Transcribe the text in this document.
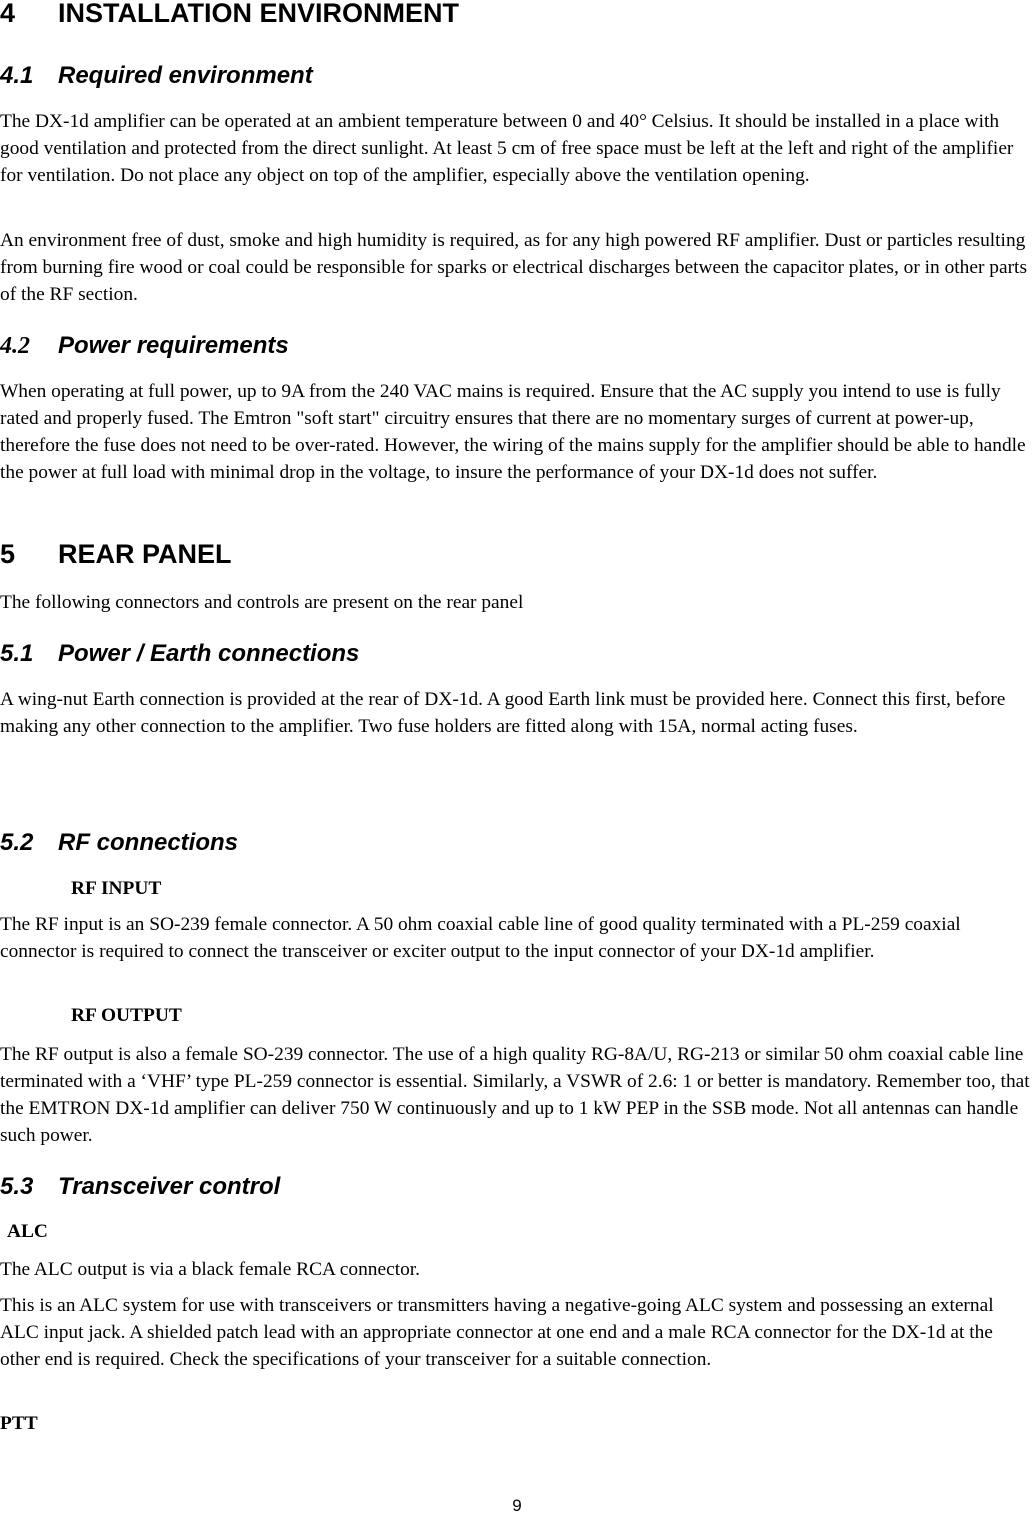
4 INSTALLATION ENVIRONMENT
4.1 Required environment

The DX-1d amplifier can be operated at an ambient temperature between 0 and 40° Celsius. It should be installed in a place with good ventilation and protected from the direct sunlight. At least 5 cm of free space must be left at the left and right of the amplifier for ventilation. Do not place any object on top of the amplifier, especially above the ventilation opening.

An environment free of dust, smoke and high humidity is required, as for any high powered RF amplifier. Dust or particles resulting from burning fire wood or coal could be responsible for sparks or electrical discharges between the capacitor plates, or in other parts of the RF section.

4.2 Power requirements

When operating at full power, up to 9A from the 240 VAC mains is required. Ensure that the AC supply you intend to use is fully rated and properly fused. The Emtron "soft start" circuitry ensures that there are no momentary surges of current at power-up, therefore the fuse does not need to be over-rated. However, the wiring of the mains supply for the amplifier should be able to handle the power at full load with minimal drop in the voltage, to insure the performance of your DX-1d does not suffer.

5 REAR PANEL

The following connectors and controls are present on the rear panel

5.1 Power / Earth connections

A wing-nut Earth connection is provided at the rear of DX-1d. A good Earth link must be provided here. Connect this first, before making any other connection to the amplifier. Two fuse holders are fitted along with 15A, normal acting fuses.

5.2 RF connections

RF INPUT

The RF input is an SO-239 female connector. A 50 ohm coaxial cable line of good quality terminated with a PL-259 coaxial connector is required to connect the transceiver or exciter output to the input connector of your DX-1d amplifier.

RF OUTPUT

The RF output is also a female SO-239 connector. The use of a high quality RG-8A/U, RG-213 or similar 50 ohm coaxial cable line terminated with a ‘VHF’ type PL-259 connector is essential. Similarly, a VSWR of 2.6: 1 or better is mandatory. Remember too, that the EMTRON DX-1d amplifier can deliver 750 W continuously and up to 1 kW PEP in the SSB mode. Not all antennas can handle such power.

5.3 Transceiver control

ALC

The ALC output is via a black female RCA connector.

This is an ALC system for use with transceivers or transmitters having a negative-going ALC system and possessing an external ALC input jack. A shielded patch lead with an appropriate connector at one end and a male RCA connector for the DX-1d at the other end is required. Check the specifications of your transceiver for a suitable connection.

PTT

9
